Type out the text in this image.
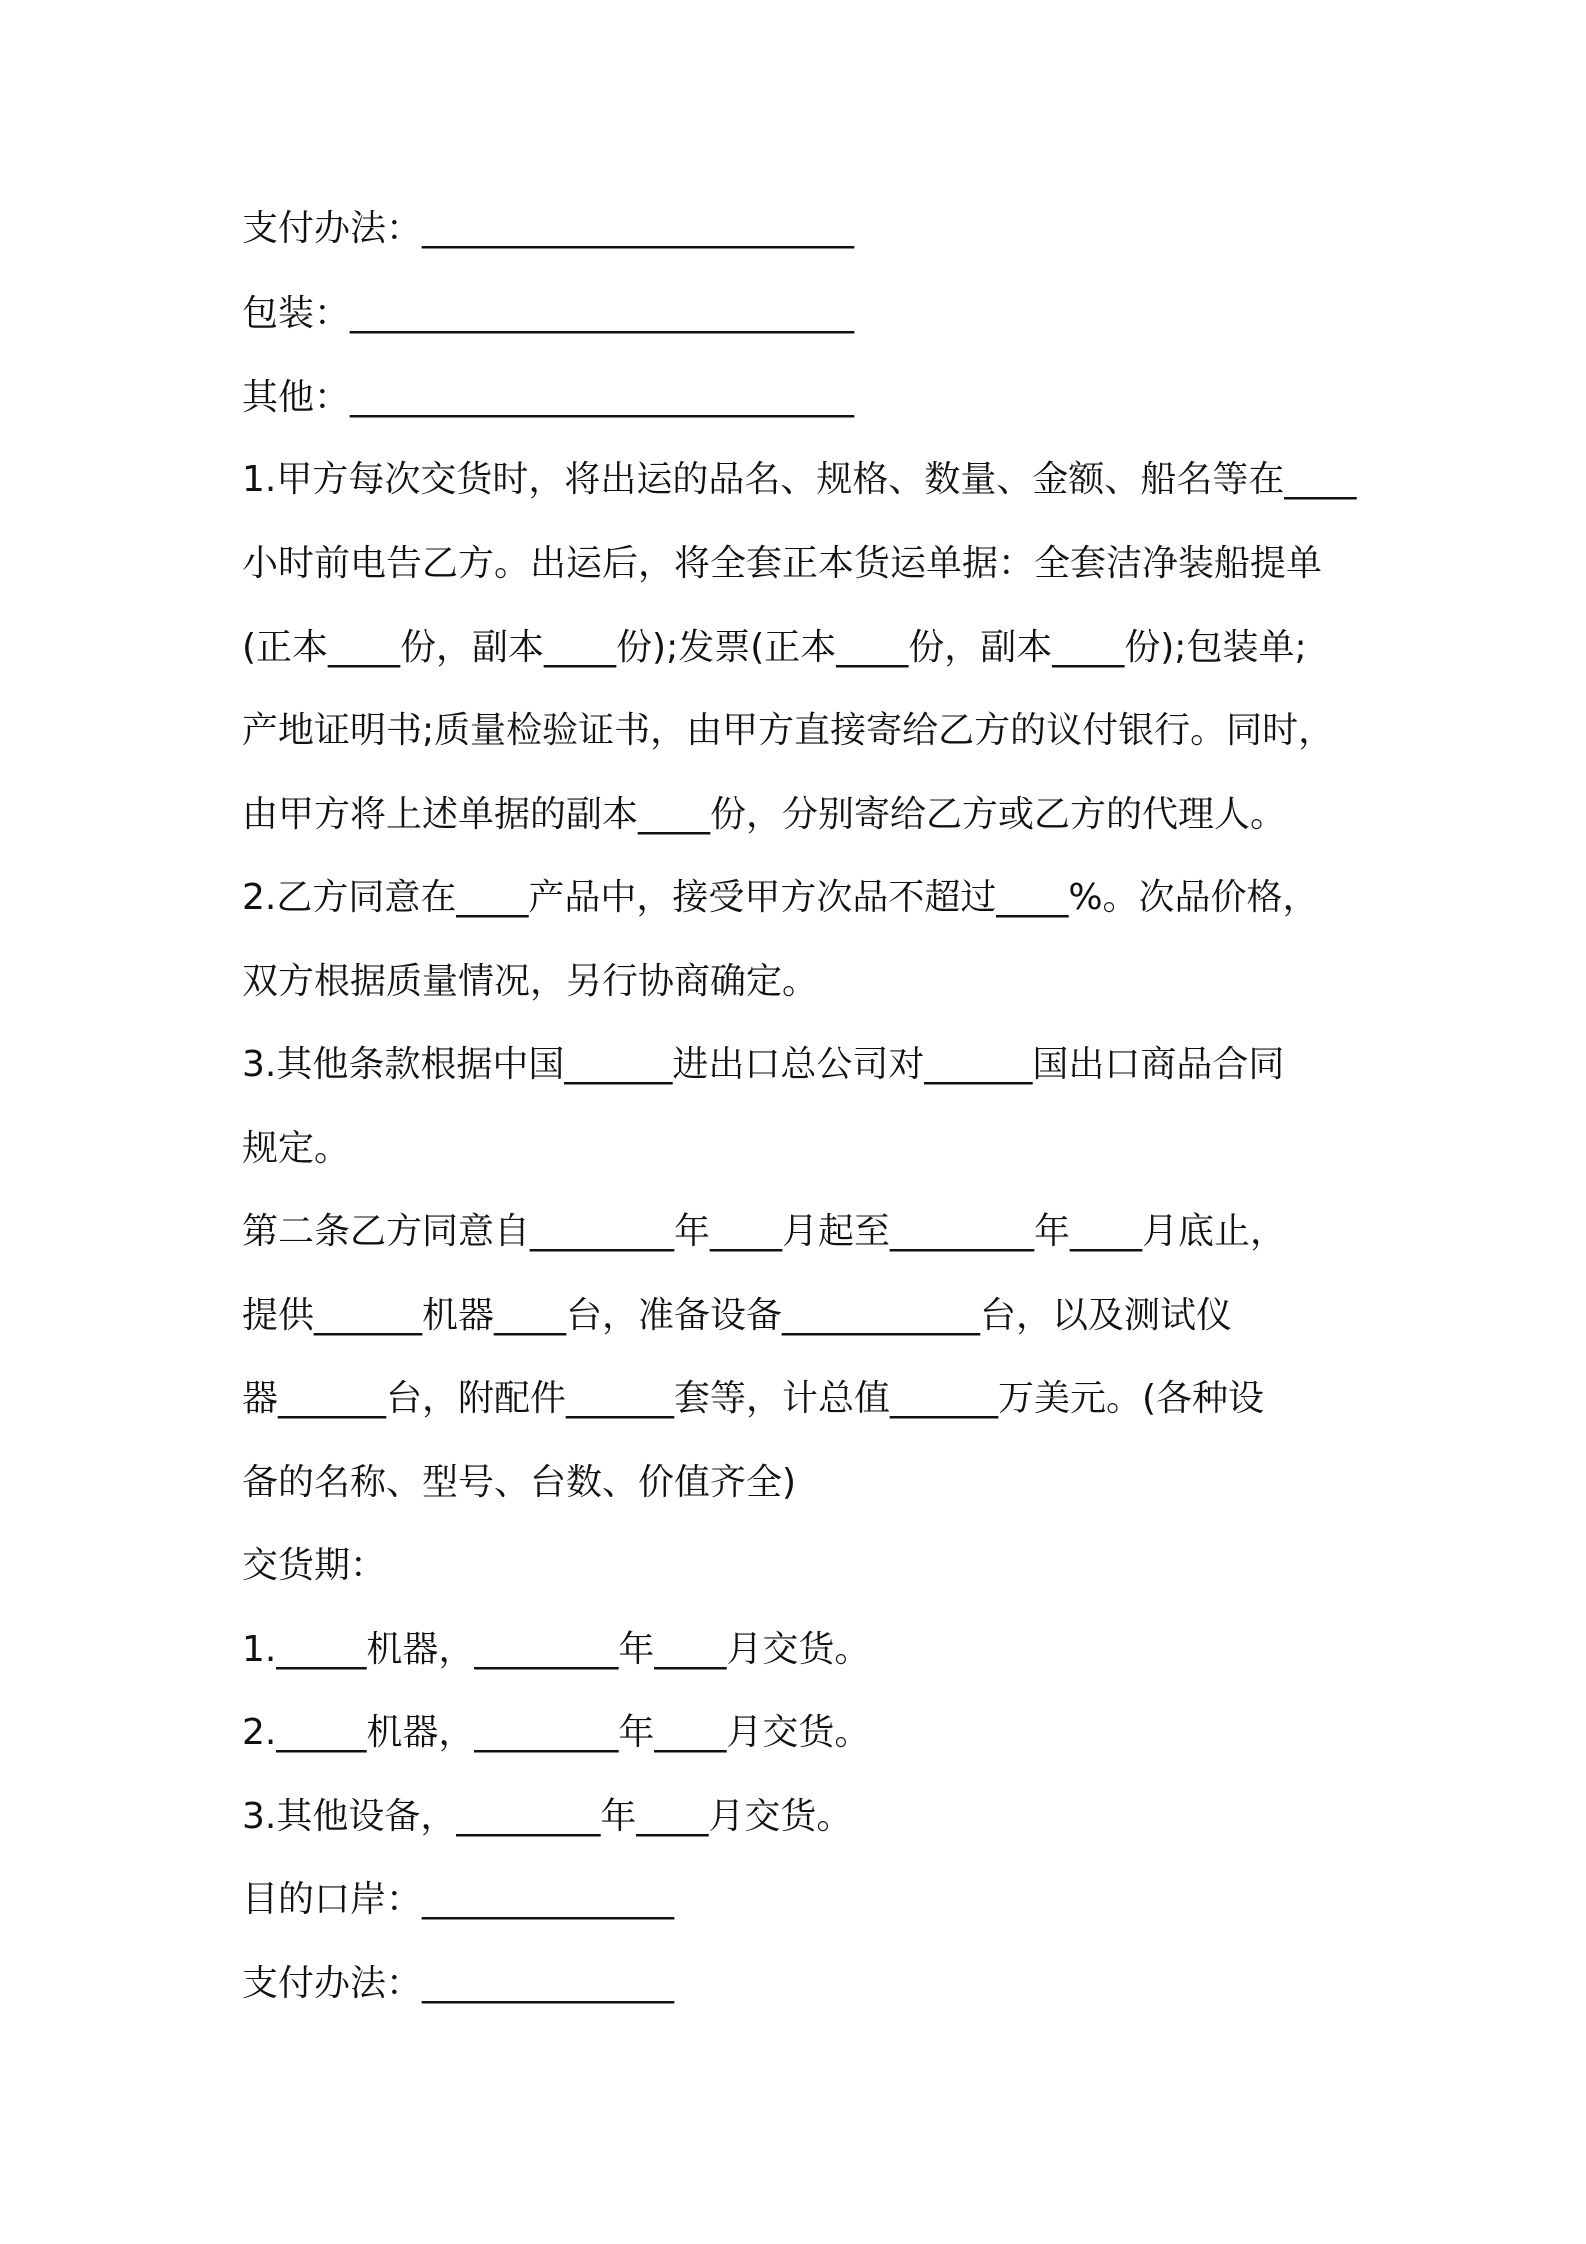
支付办法：________________________

包装：____________________________

其他：____________________________

1.甲方每次交货时，将出运的品名、规格、数量、金额、船名等在____

小时前电告乙方。出运后，将全套正本货运单据：全套洁净装船提单

(正本____份，副本____份);发票(正本____份，副本____份);包装单;

产地证明书;质量检验证书，由甲方直接寄给乙方的议付银行。同时，

由甲方将上述单据的副本____份，分别寄给乙方或乙方的代理人。

2.乙方同意在____产品中，接受甲方次品不超过____%。次品价格，

双方根据质量情况，另行协商确定。

3.其他条款根据中国______进出口总公司对______国出口商品合同

规定。

第二条乙方同意自________年____月起至________年____月底止，

提供______机器____台，准备设备___________台，以及测试仪

器______台，附配件______套等，计总值______万美元。(各种设

备的名称、型号、台数、价值齐全)

交货期：

1._____机器，________年____月交货。

2._____机器，________年____月交货。

3.其他设备，________年____月交货。

目的口岸：______________

支付办法：______________
